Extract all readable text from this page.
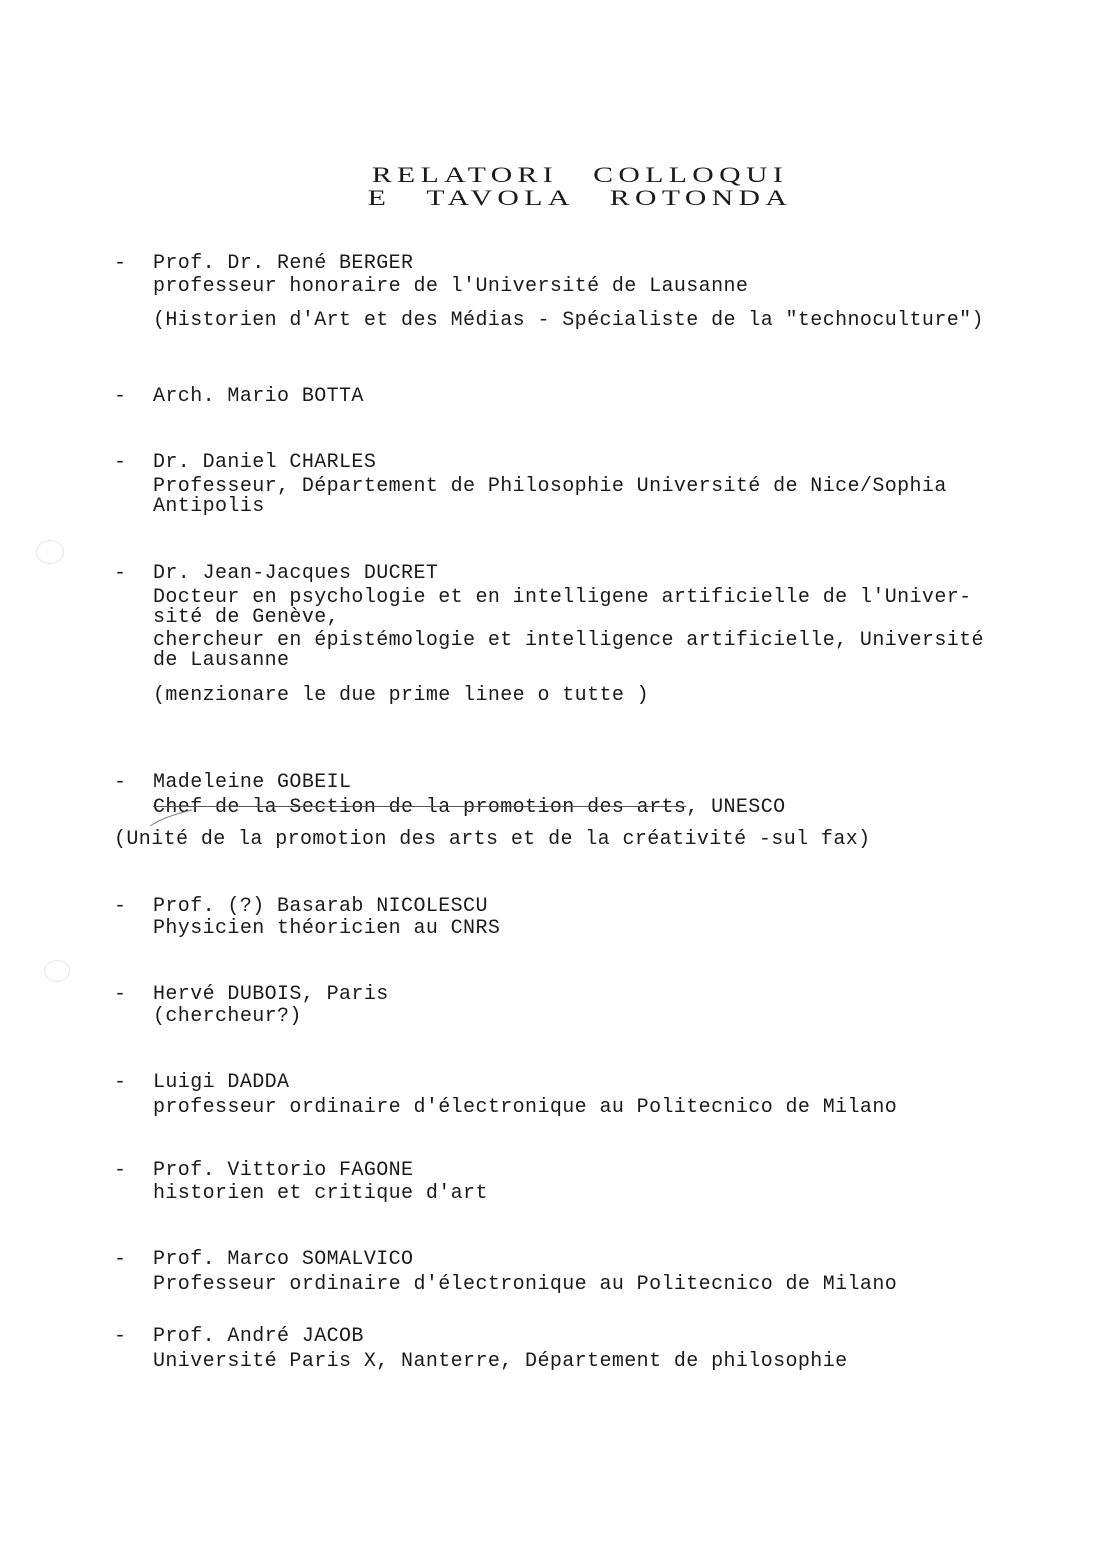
RELATORI COLLOQUI
E TAVOLA ROTONDA
- Prof. Dr. René BERGER
professeur honoraire de l'Université de Lausanne
(Historien d'Art et des Médias - Spécialiste de la "technoculture")
- Arch. Mario BOTTA
- Dr. Daniel CHARLES
Professeur, Département de Philosophie Université de Nice/Sophia
Antipolis
- Dr. Jean-Jacques DUCRET
Docteur en psychologie et en intelligene artificielle de l'Univer-
sité de Genève,
chercheur en épistémologie et intelligence artificielle, Université
de Lausanne
(menzionare le due prime linee o tutte )
- Madeleine GOBEIL
Chef de la Section de la promotion des arts, UNESCO
(Unité de la promotion des arts et de la créativité -sul fax)
- Prof. (?) Basarab NICOLESCU
Physicien théoricien au CNRS
- Hervé DUBOIS, Paris
(chercheur?)
- Luigi DADDA
professeur ordinaire d'électronique au Politecnico de Milano
- Prof. Vittorio FAGONE
historien et critique d'art
- Prof. Marco SOMALVICO
Professeur ordinaire d'électronique au Politecnico de Milano
- Prof. André JACOB
Université Paris X, Nanterre, Département de philosophie
